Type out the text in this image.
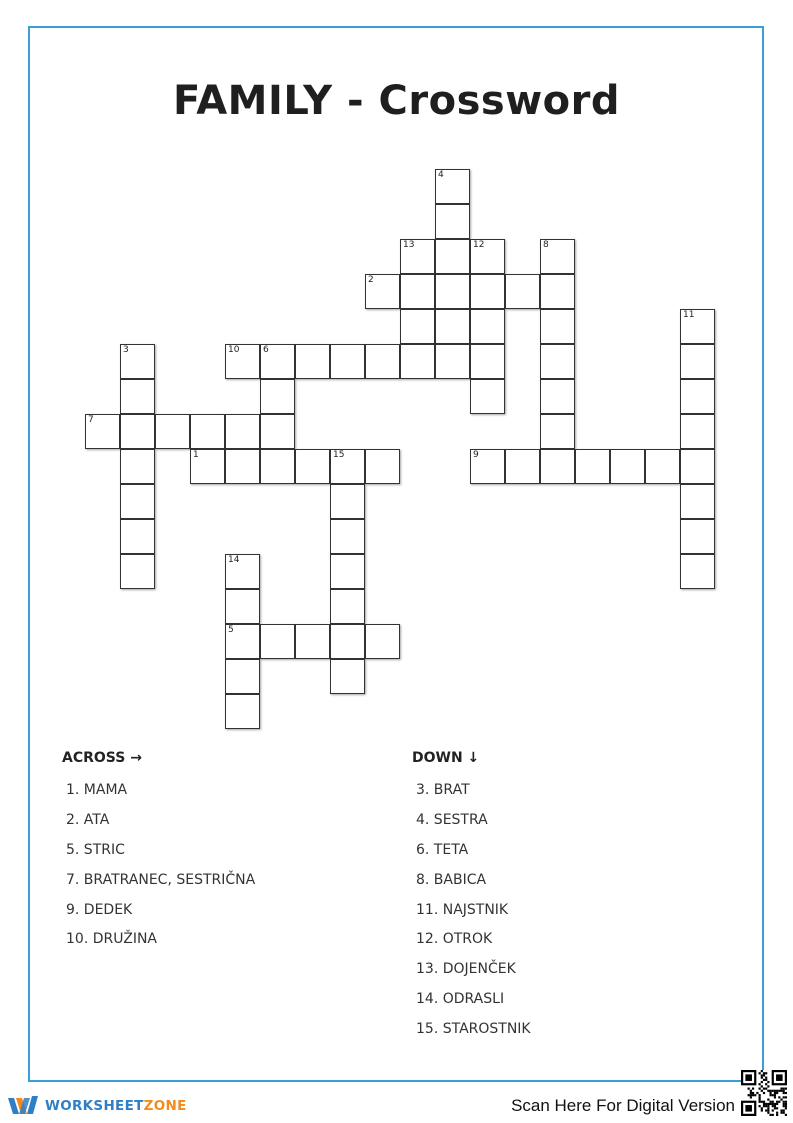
FAMILY - Crossword
4
13	12	8
2
11
3	10	6
7
1	15	9
14
5
ACROSS →
1. MAMA
2. ATA
5. STRIC
7. BRATRANEC, SESTRIČNA
9. DEDEK
10. DRUŽINA
DOWN ↓
3. BRAT
4. SESTRA
6. TETA
8. BABICA
11. NAJSTNIK
12. OTROK
13. DOJENČEK
14. ODRASLI
15. STAROSTNIK
WORKSHEETZONE	Scan Here For Digital Version
